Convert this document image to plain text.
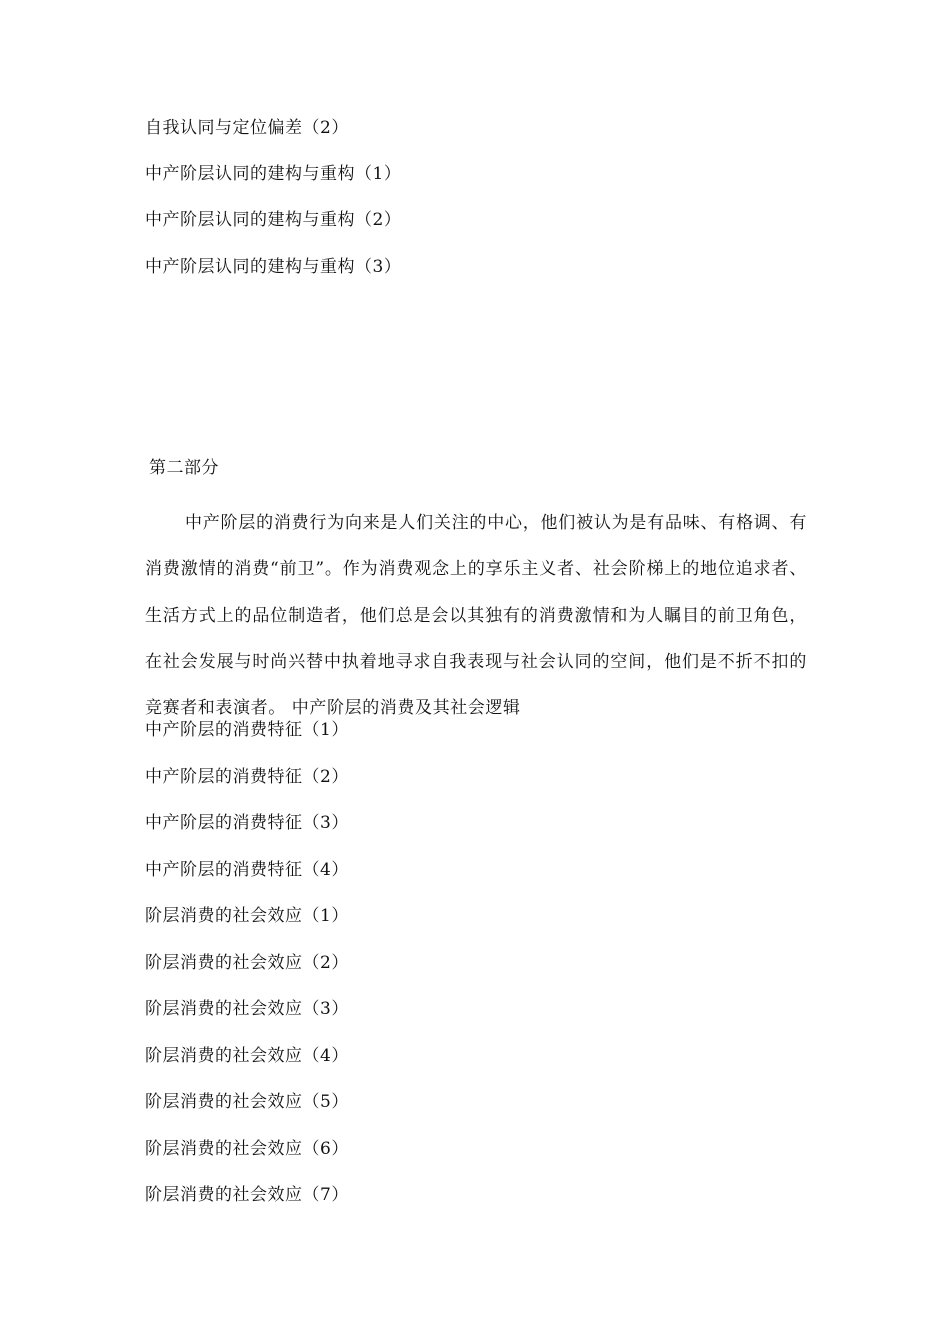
自我认同与定位偏差（2）
中产阶层认同的建构与重构（1）
中产阶层认同的建构与重构（2）
中产阶层认同的建构与重构（3）
第二部分

中产阶层的消费行为向来是人们关注的中心，他们被认为是有品味、有格调、有消费激情的消费“前卫”。作为消费观念上的享乐主义者、社会阶梯上的地位追求者、生活方式上的品位制造者，他们总是会以其独有的消费激情和为人瞩目的前卫角色，在社会发展与时尚兴替中执着地寻求自我表现与社会认同的空间，他们是不折不扣的竞赛者和表演者。 中产阶层的消费及其社会逻辑

中产阶层的消费特征（1）
中产阶层的消费特征（2）
中产阶层的消费特征（3）
中产阶层的消费特征（4）
阶层消费的社会效应（1）
阶层消费的社会效应（2）
阶层消费的社会效应（3）
阶层消费的社会效应（4）
阶层消费的社会效应（5）
阶层消费的社会效应（6）
阶层消费的社会效应（7）
